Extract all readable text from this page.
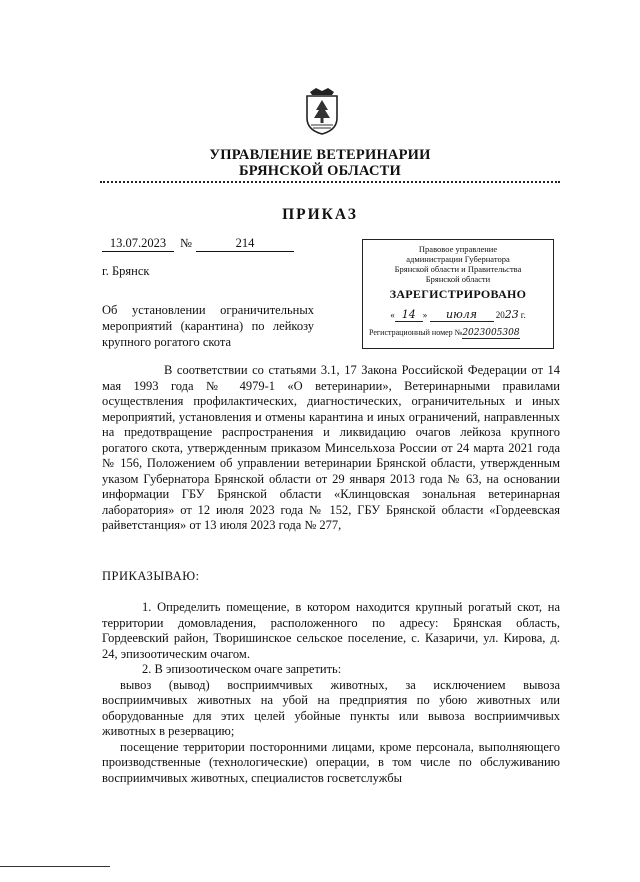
УПРАВЛЕНИЕ ВЕТЕРИНАРИИ
БРЯНСКОЙ ОБЛАСТИ
ПРИКАЗ
13.07.2023 №	214
г. Брянск
Об установлении ограничительных мероприятий (карантина) по лейкозу крупного рогатого скота
Правовое управление
администрации Губернатора
Брянской области и Правительства
Брянской области
ЗАРЕГИСТРИРОВАНО
« 14 » июля 2023 г.
Регистрационный номер №2023005308
В соответствии со статьями 3.1, 17 Закона Российской Федерации от 14 мая 1993 года № 4979-1 «О ветеринарии», Ветеринарными правилами осуществления профилактических, диагностических, ограничительных и иных мероприятий, установления и отмены карантина и иных ограничений, направленных на предотвращение распространения и ликвидацию очагов лейкоза крупного рогатого скота, утвержденным приказом Минсельхоза России от 24 марта 2021 года № 156, Положением об управлении ветеринарии Брянской области, утвержденным указом Губернатора Брянской области от 29 января 2013 года № 63, на основании информации ГБУ Брянской области «Клинцовская зональная ветеринарная лаборатория» от 12 июля 2023 года № 152, ГБУ Брянской области «Гордеевская райветстанция» от 13 июля 2023 года № 277,
ПРИКАЗЫВАЮ:

1. Определить помещение, в котором находится крупный рогатый скот, на территории домовладения, расположенного по адресу: Брянская область, Гордеевский район, Творишинское сельское поселение, с. Казаричи, ул. Кирова, д. 24, эпизоотическим очагом.

2. В эпизоотическом очаге запретить:

вывоз (вывод) восприимчивых животных, за исключением вывоза восприимчивых животных на убой на предприятия по убою животных или оборудованные для этих целей убойные пункты или вывоза восприимчивых животных в резервацию;

посещение территории посторонними лицами, кроме персонала, выполняющего производственные (технологические) операции, в том числе по обслуживанию восприимчивых животных, специалистов госветслужбы
